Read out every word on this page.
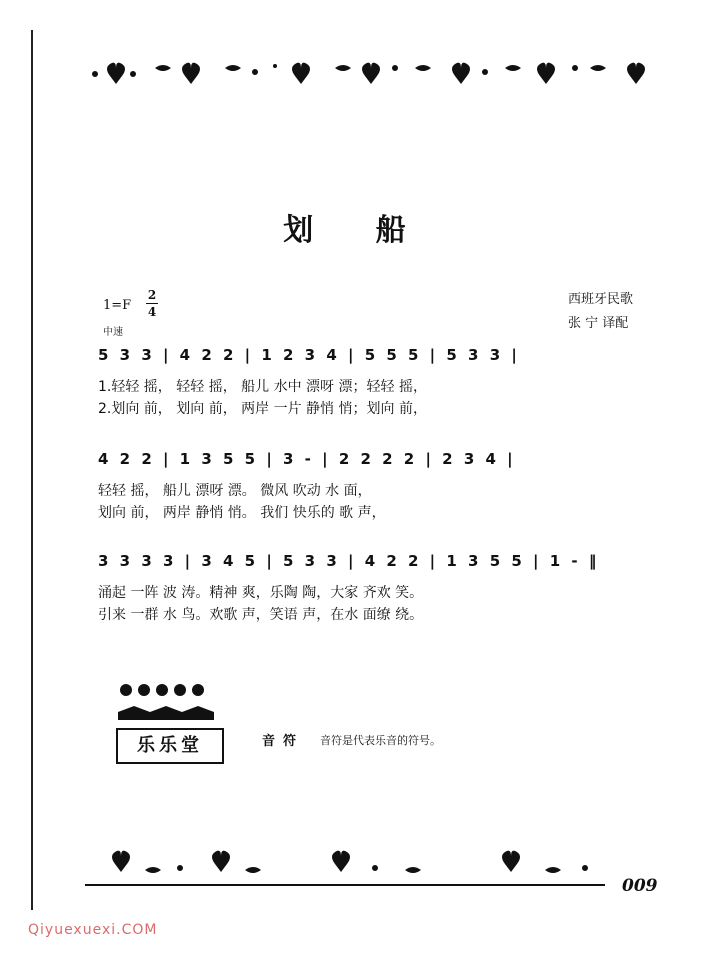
划 船
1=F
2
4
中速
西班牙民歌
张 宁 译配
5 3 3 | 4 2 2 | 1 2 3 4 | 5 5 5 | 5 3 3 |
1.轻轻 摇， 轻轻 摇， 船儿 水中 漂呀 漂；轻轻 摇，
2.划向 前， 划向 前， 两岸 一片 静悄 悄；划向 前，
4 2 2 | 1 3 5 5 | 3 - | 2 2 2 2 | 2 3 4 |
轻轻 摇， 船儿 漂呀 漂。 微风 吹动 水 面，
划向 前， 两岸 静悄 悄。 我们 快乐的 歌 声，
3 3 3 3 | 3 4 5 | 5 3 3 | 4 2 2 | 1 3 5 5 | 1 - ‖
涌起 一阵 波 涛。精神 爽，乐陶 陶，大家 齐欢 笑。
引来 一群 水 鸟。欢歌 声，笑语 声，在水 面缭 绕。
乐乐堂	音符 音符是代表乐音的符号。
009
Qiyuexuexi.COM
